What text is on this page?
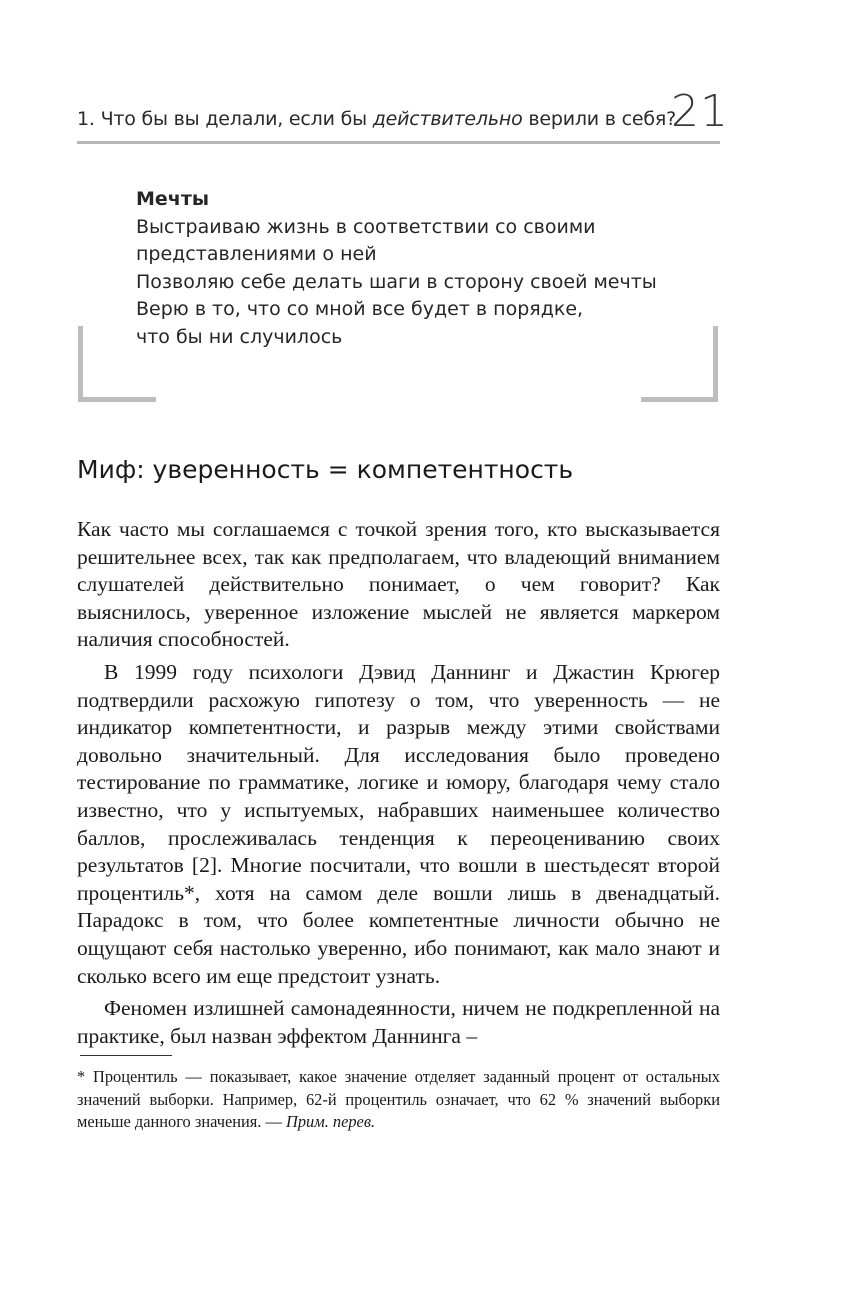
1. Что бы вы делали, если бы действительно верили в себя?
21
Мечты
Выстраиваю жизнь в соответствии со своими
представлениями о ней
Позволяю себе делать шаги в сторону своей мечты
Верю в то, что со мной все будет в порядке,
что бы ни случилось
Миф: уверенность = компетентность

Как часто мы соглашаемся с точкой зрения того, кто высказывается решительнее всех, так как предполагаем, что владеющий вниманием слушателей действительно понимает, о чем говорит? Как выяснилось, уверенное изложение мыслей не является маркером наличия способностей.

В 1999 году психологи Дэвид Даннинг и Джастин Крюгер подтвердили расхожую гипотезу о том, что уверенность — не индикатор компетентности, и разрыв между этими свойствами довольно значительный. Для исследования было проведено тестирование по грамматике, логике и юмору, благодаря чему стало известно, что у испытуемых, набравших наименьшее количество баллов, прослеживалась тенденция к переоцениванию своих результатов [2]. Многие посчитали, что вошли в шестьдесят второй процентиль*, хотя на самом деле вошли лишь в двенадцатый. Парадокс в том, что более компетентные личности обычно не ощущают себя настолько уверенно, ибо понимают, как мало знают и сколько всего им еще предстоит узнать.

Феномен излишней самонадеянности, ничем не подкрепленной на практике, был назван эффектом Даннинга –

* Процентиль — показывает, какое значение отделяет заданный процент от остальных значений выборки. Например, 62-й процентиль означает, что 62 % значений выборки меньше данного значения. — Прим. перев.
